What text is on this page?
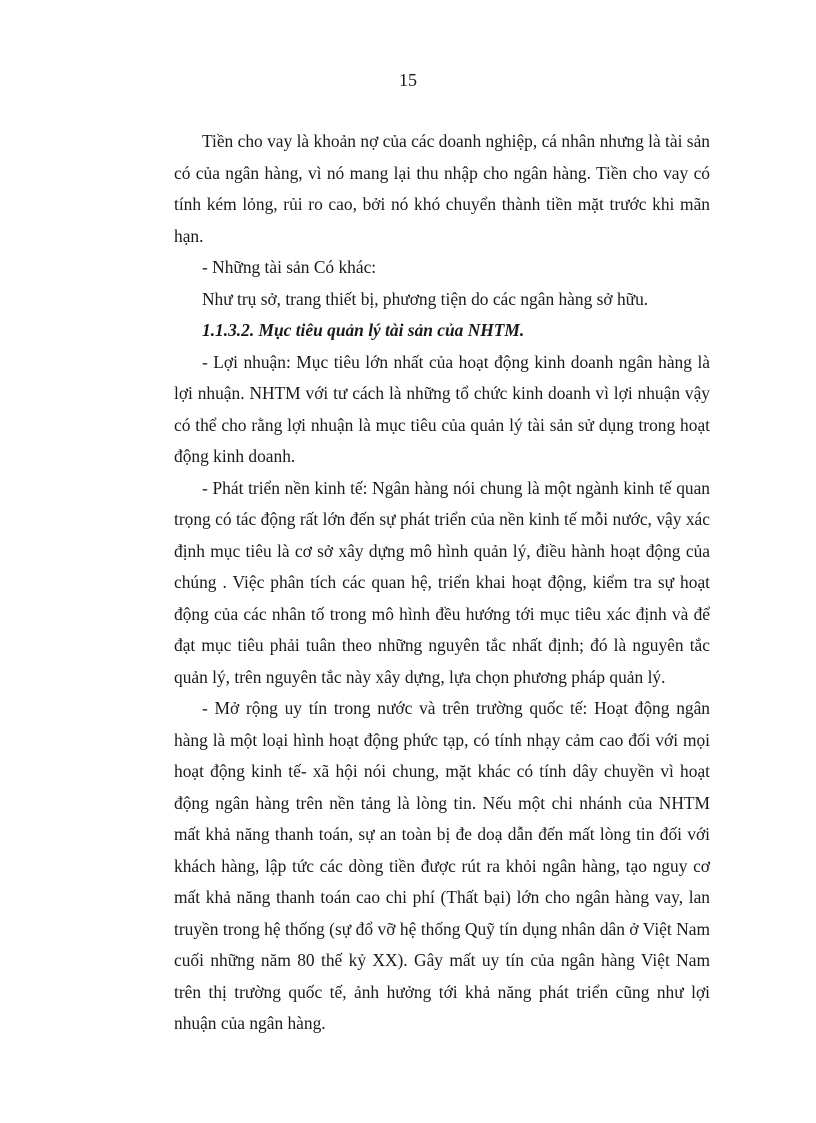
15

Tiền cho vay là khoản nợ của các doanh nghiệp, cá nhân nhưng là tài sản có của ngân hàng, vì nó mang lại thu nhập cho ngân hàng. Tiền cho vay có tính kém lỏng, rủi ro cao, bởi nó khó chuyển thành tiền mặt trước khi mãn hạn.

- Những tài sản Có khác:

Như trụ sở, trang thiết bị, phương tiện do các ngân hàng sở hữu.

1.1.3.2. Mục tiêu quản lý tài sản của NHTM.

- Lợi nhuận: Mục tiêu lớn nhất của hoạt động kinh doanh ngân hàng là lợi nhuận. NHTM với tư cách là những tổ chức kinh doanh vì lợi nhuận vậy có thể cho rằng lợi nhuận là mục tiêu của quản lý tài sản sử dụng trong hoạt động kinh doanh.

- Phát triển nền kinh tế: Ngân hàng nói chung là một ngành kinh tế quan trọng có tác động rất lớn đến sự phát triển của nền kinh tế mỗi nước, vậy xác định mục tiêu là cơ sở xây dựng mô hình quản lý, điều hành hoạt động của chúng . Việc phân tích các quan hệ, triển khai hoạt động, kiểm tra sự hoạt động của các nhân tố trong mô hình đều hướng tới mục tiêu xác định và để đạt mục tiêu phải tuân theo những nguyên tắc nhất định; đó là nguyên tắc quản lý, trên nguyên tắc này xây dựng, lựa chọn phương pháp quản lý.

- Mở rộng uy tín trong nước và trên trường quốc tế: Hoạt động ngân hàng là một loại hình hoạt động phức tạp, có tính nhạy cảm cao đối với mọi hoạt động kinh tế- xã hội nói chung, mặt khác có tính dây chuyền vì hoạt động ngân hàng trên nền tảng là lòng tin. Nếu một chi nhánh của NHTM mất khả năng thanh toán, sự an toàn bị đe doạ dẫn đến mất lòng tin đối với khách hàng, lập tức các dòng tiền được rút ra khỏi ngân hàng, tạo nguy cơ mất khả năng thanh toán cao chi phí (Thất bại) lớn cho ngân hàng vay, lan truyền trong hệ thống (sự đổ vỡ hệ thống Quỹ tín dụng nhân dân ở Việt Nam cuối những năm 80 thế kỷ XX). Gây mất uy tín của ngân hàng Việt Nam trên thị trường quốc tế, ảnh hưởng tới khả năng phát triển cũng như lợi nhuận của ngân hàng.
